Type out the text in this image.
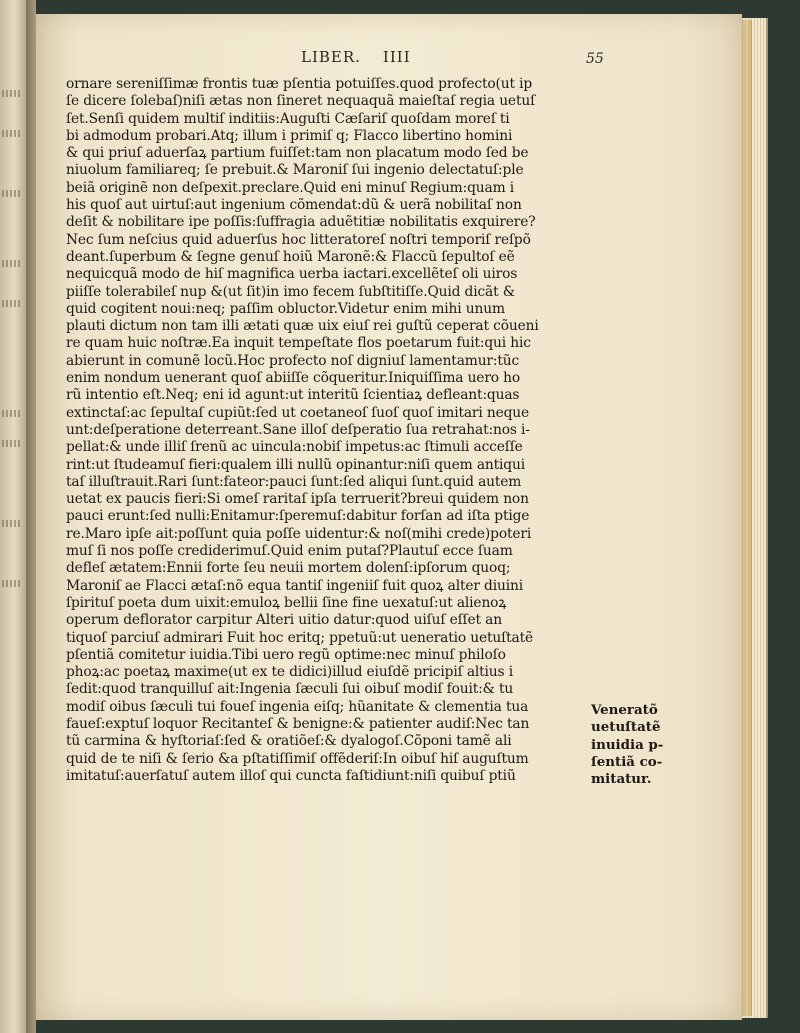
LIBER. IIII	55
ornare sereniſſimæ frontis tuæ pſentia potuiſſes.quod profecto(ut ip
ſe dicere ſolebaſ)niſi ætas non ſineret nequaquã maieſtaſ regia uetuſ
ſet.Senſi quidem multiſ inditiis:Auguſti Cæſariſ quoſdam moreſ ti
bi admodum probari.Atq; illum i primiſ q; Flacco libertino homini
& qui priuſ aduerſaꝝ partium fuiſſet:tam non placatum modo ſed be
niuolum familiareq; ſe prebuit.& Maroniſ ſui ingenio delectatuſ:ple
beiã originẽ non deſpexit.preclare.Quid eni minuſ Regium:quam i
his quoſ aut uirtuſ:aut ingenium cõmendat:dũ & uerã nobilitaſ non
deſit & nobilitare ipe poſſis:ſuffragia aduẽtitiæ nobilitatis exquirere?
Nec ſum neſcius quid aduerſus hoc litteratoreſ noſtri temporiſ reſpõ
deant.ſuperbum & ſegne genuſ hoiũ Maronẽ:& Flaccũ ſepultoſ eẽ
nequicquã modo de hiſ magnifica uerba iactari.excellẽteſ oli uiros
piiſſe tolerabileſ nup &(ut ſit)in imo fecem ſubſtitiſſe.Quid dicãt &
quid cogitent noui:neq; paſſim obluctor.Videtur enim mihi unum
plauti dictum non tam illi ætati quæ uix eiuſ rei guſtũ ceperat cõueni
re quam huic noſtræ.Ea inquit tempeſtate flos poetarum fuit:qui hic
abierunt in comunẽ locũ.Hoc profecto noſ digniuſ lamentamur:tũc
enim nondum uenerant quoſ abiiſſe cõqueritur.Iniquiſſima uero ho
rũ intentio eſt.Neq; eni id agunt:ut interitũ ſcientiaꝝ defleant:quas
extinctaſ:ac ſepultaſ cupiũt:ſed ut coetaneoſ ſuoſ quoſ imitari neque
unt:deſperatione deterreant.Sane illoſ deſperatio ſua retrahat:nos i-
pellat:& unde illiſ ſrenũ ac uincula:nobiſ impetus:ac ſtimuli acceſſe
rint:ut ſtudeamuſ fieri:qualem illi nullũ opinantur:niſi quem antiqui
taſ illuſtrauit.Rari ſunt:fateor:pauci ſunt:ſed aliqui ſunt.quid autem
uetat ex paucis fieri:Si omeſ raritaſ ipſa terruerit?breui quidem non
pauci erunt:ſed nulli:Enitamur:ſperemuſ:dabitur forſan ad iſta ptige
re.Maro ipſe ait:poſſunt quia poſſe uidentur:& noſ(mihi crede)poteri
muſ ſi nos poſſe crediderimuſ.Quid enim putaſ?Plautuſ ecce ſuam
defleſ ætatem:Ennii forte ſeu neuii mortem dolenſ:ipſorum quoq;
Maroniſ ae Flacci ætaſ:nõ equa tantiſ ingeniiſ fuit quoꝝ alter diuini
ſpirituſ poeta dum uixit:emuloꝝ bellii ſine fine uexatuſ:ut alienoꝝ
operum deflorator carpitur Alteri uitio datur:quod uiſuſ eſſet an
tiquoſ parciuſ admirari Fuit hoc eritq; ppetuũ:ut ueneratio uetuſtatẽ
pſentiã comitetur iuidia.Tibi uero regũ optime:nec minuſ philoſo
phoꝝ:ac poetaꝝ maxime(ut ex te didici)illud eiuſdẽ pricipiſ altius i
ſedit:quod tranquilluſ ait:Ingenia ſæculi ſui oibuſ modiſ fouit:& tu
modiſ oibus ſæculi tui foueſ ingenia eiſq; hũanitate & clementia tua
faueſ:exptuſ loquor Recitanteſ & benigne:& patienter audiſ:Nec tan
tũ carmina & hyſtoriaſ:ſed & oratiõeſ:& dyalogoſ.Cõponi tamẽ ali
quid de te niſi & ſerio &a pſtatiſſimiſ offẽderiſ:In oibuſ hiſ auguſtum
imitatuſ:auerſatuſ autem illoſ qui cuncta faſtidiunt:niſi quibuſ ptiũ
Veneratõ
uetuſtatẽ
inuidia p-
ſentiã co-
mitatur.
